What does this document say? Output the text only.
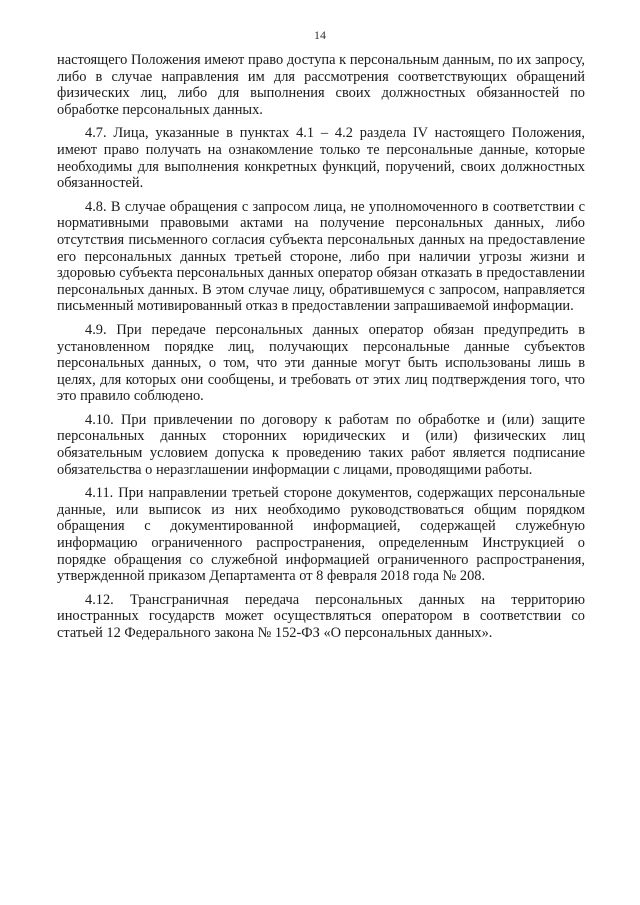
14

настоящего Положения имеют право доступа к персональным данным, по их запросу, либо в случае направления им для рассмотрения соответствующих обращений физических лиц, либо для выполнения своих должностных обязанностей по обработке персональных данных.

4.7. Лица, указанные в пунктах 4.1 – 4.2 раздела IV настоящего Положения, имеют право получать на ознакомление только те персональные данные, которые необходимы для выполнения конкретных функций, поручений, своих должностных обязанностей.

4.8. В случае обращения с запросом лица, не уполномоченного в соответствии с нормативными правовыми актами на получение персональных данных, либо отсутствия письменного согласия субъекта персональных данных на предоставление его персональных данных третьей стороне, либо при наличии угрозы жизни и здоровью субъекта персональных данных оператор обязан отказать в предоставлении персональных данных. В этом случае лицу, обратившемуся с запросом, направляется письменный мотивированный отказ в предоставлении запрашиваемой информации.

4.9. При передаче персональных данных оператор обязан предупредить в установленном порядке лиц, получающих персональные данные субъектов персональных данных, о том, что эти данные могут быть использованы лишь в целях, для которых они сообщены, и требовать от этих лиц подтверждения того, что это правило соблюдено.

4.10. При привлечении по договору к работам по обработке и (или) защите персональных данных сторонних юридических и (или) физических лиц обязательным условием допуска к проведению таких работ является подписание обязательства о неразглашении информации с лицами, проводящими работы.

4.11. При направлении третьей стороне документов, содержащих персональные данные, или выписок из них необходимо руководствоваться общим порядком обращения с документированной информацией, содержащей служебную информацию ограниченного распространения, определенным Инструкцией о порядке обращения со служебной информацией ограниченного распространения, утвержденной приказом Департамента от 8 февраля 2018 года № 208.

4.12. Трансграничная передача персональных данных на территорию иностранных государств может осуществляться оператором в соответствии со статьей 12 Федерального закона № 152-ФЗ «О персональных данных».
